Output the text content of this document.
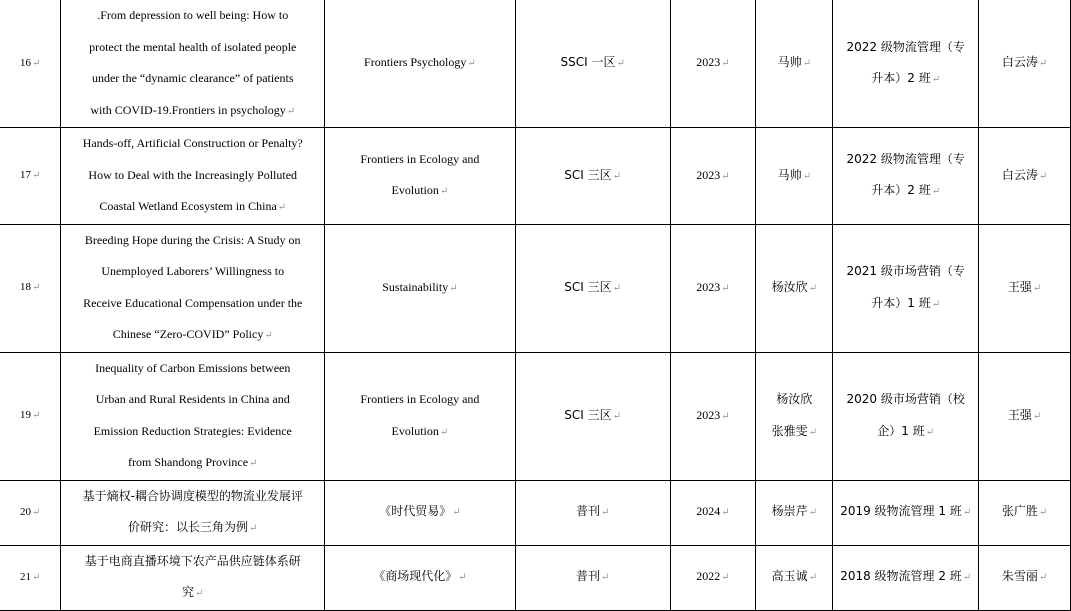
16↵	.From depression to well being: How to
protect the mental health of isolated people
under the “dynamic clearance” of patients
with COVID-19.Frontiers in psychology↵	Frontiers Psychology↵	SSCI 一区↵	2023↵	马帅↵	2022 级物流管理（专
升本）2 班↵	白云涛↵
17↵	Hands-off, Artificial Construction or Penalty?
How to Deal with the Increasingly Polluted
Coastal Wetland Ecosystem in China↵	Frontiers in Ecology and
Evolution↵	SCI 三区↵	2023↵	马帅↵	2022 级物流管理（专
升本）2 班↵	白云涛↵
18↵	Breeding Hope during the Crisis: A Study on
Unemployed Laborers’ Willingness to
Receive Educational Compensation under the
Chinese “Zero-COVID” Policy↵	Sustainability↵	SCI 三区↵	2023↵	杨汝欣↵	2021 级市场营销（专
升本）1 班↵	王强↵
19↵	Inequality of Carbon Emissions between
Urban and Rural Residents in China and
Emission Reduction Strategies: Evidence
from Shandong Province↵	Frontiers in Ecology and
Evolution↵	SCI 三区↵	2023↵	杨汝欣
张雅雯↵	2020 级市场营销（校
企）1 班↵	王强↵
20↵	基于熵权-耦合协调度模型的物流业发展评
价研究：以长三角为例↵	《时代贸易》↵	普刊↵	2024↵	杨崇芹↵	2019 级物流管理 1 班↵	张广胜↵
21↵	基于电商直播环境下农产品供应链体系研
究↵	《商场现代化》↵	普刊↵	2022↵	高玉诚↵	2018 级物流管理 2 班↵	朱雪丽↵
